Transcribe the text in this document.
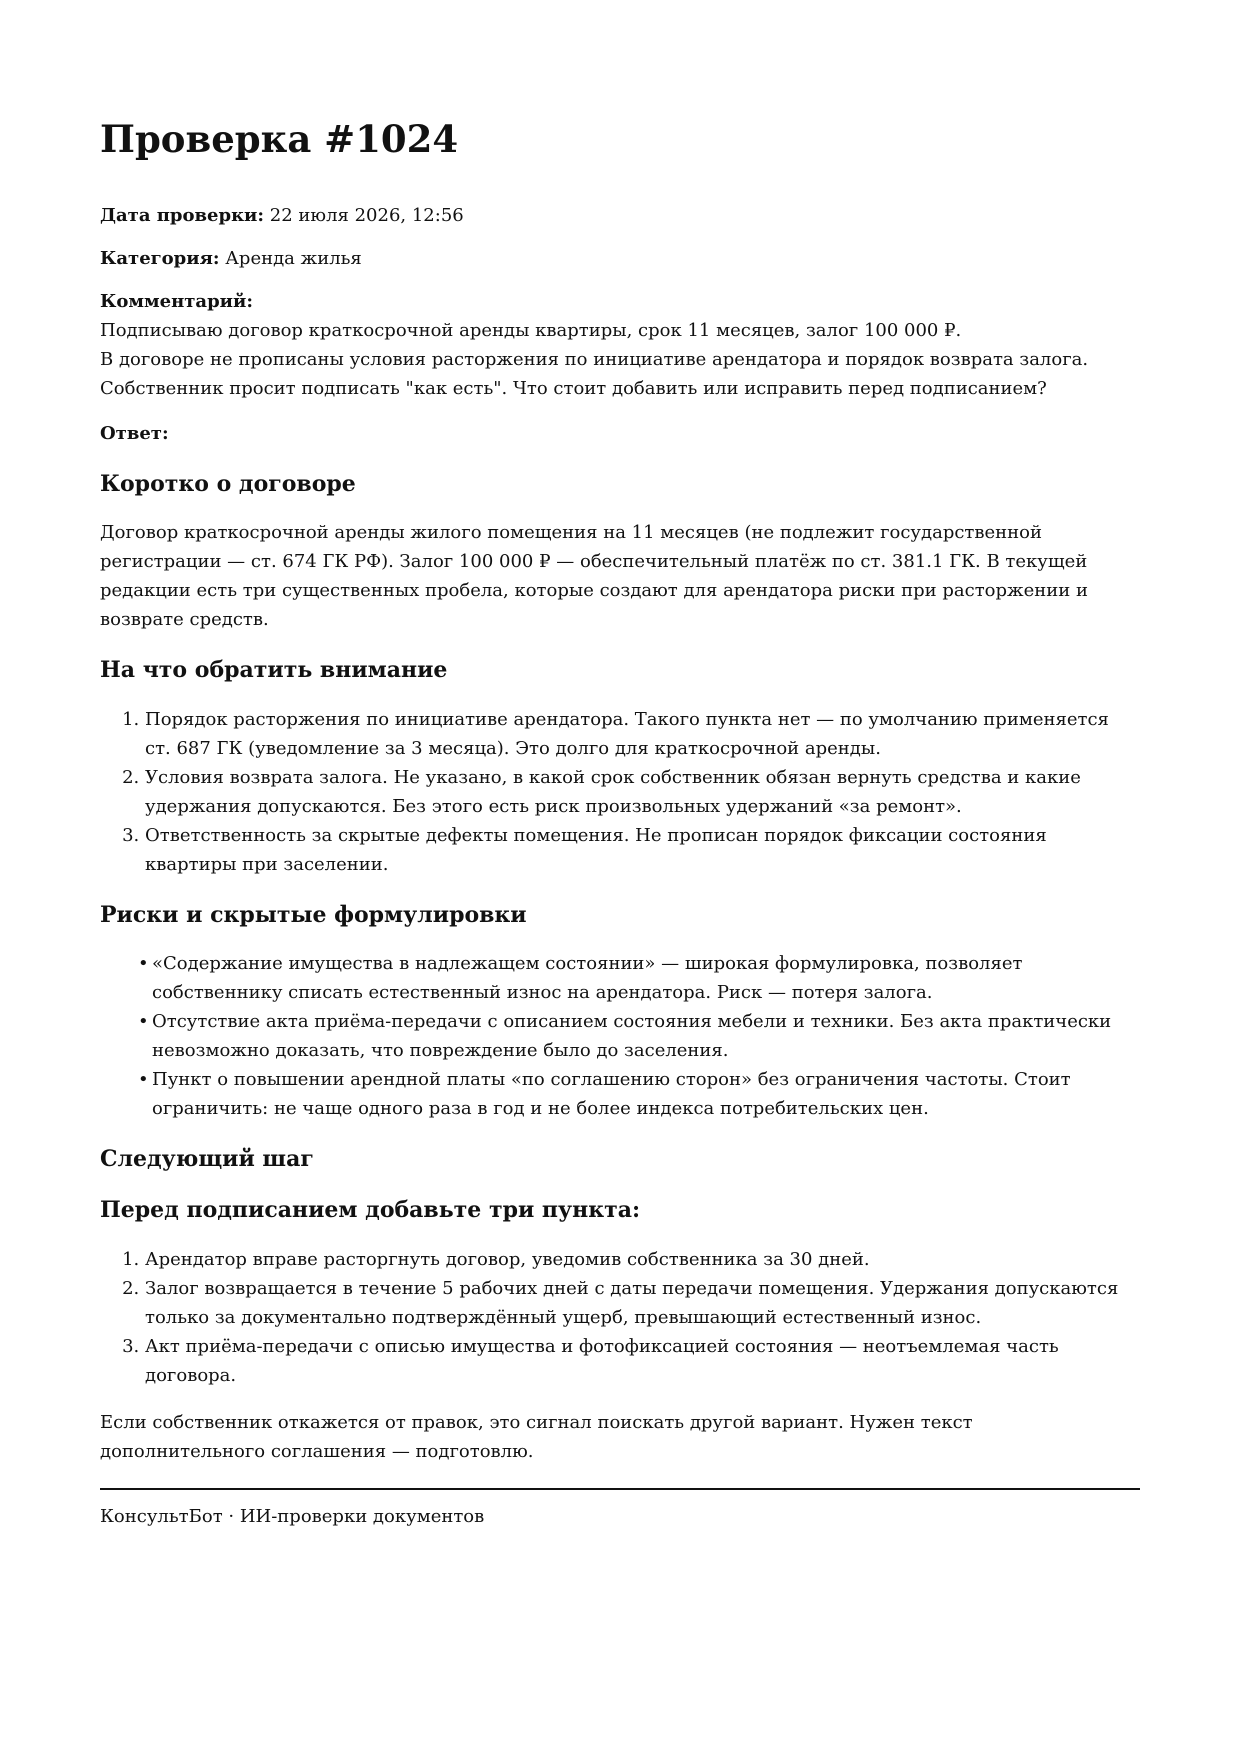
Проверка #1024
Дата проверки: 22 июля 2026, 12:56
Категория: Аренда жилья
Комментарий:
Подписываю договор краткосрочной аренды квартиры, срок 11 месяцев, залог 100 000 ₽.
В договоре не прописаны условия расторжения по инициативе арендатора и порядок возврата залога.
Собственник просит подписать "как есть". Что стоит добавить или исправить перед подписанием?
Ответ:
Коротко о договоре

Договор краткосрочной аренды жилого помещения на 11 месяцев (не подлежит государственной регистрации — ст. 674 ГК РФ). Залог 100 000 ₽ — обеспечительный платёж по ст. 381.1 ГК. В текущей редакции есть три существенных пробела, которые создают для арендатора риски при расторжении и возврате средств.

На что обратить внимание
1. Порядок расторжения по инициативе арендатора. Такого пункта нет — по умолчанию применяется ст. 687 ГК (уведомление за 3 месяца). Это долго для краткосрочной аренды.
2. Условия возврата залога. Не указано, в какой срок собственник обязан вернуть средства и какие удержания допускаются. Без этого есть риск произвольных удержаний «за ремонт».
3. Ответственность за скрытые дефекты помещения. Не прописан порядок фиксации состояния квартиры при заселении.
Риски и скрытые формулировки
• «Содержание имущества в надлежащем состоянии» — широкая формулировка, позволяет собственнику списать естественный износ на арендатора. Риск — потеря залога.
• Отсутствие акта приёма-передачи с описанием состояния мебели и техники. Без акта практически невозможно доказать, что повреждение было до заселения.
• Пункт о повышении арендной платы «по соглашению сторон» без ограничения частоты. Стоит ограничить: не чаще одного раза в год и не более индекса потребительских цен.
Следующий шаг
Перед подписанием добавьте три пункта:
1. Арендатор вправе расторгнуть договор, уведомив собственника за 30 дней.
2. Залог возвращается в течение 5 рабочих дней с даты передачи помещения. Удержания допускаются только за документально подтверждённый ущерб, превышающий естественный износ.
3. Акт приёма-передачи с описью имущества и фотофиксацией состояния — неотъемлемая часть договора.

Если собственник откажется от правок, это сигнал поискать другой вариант. Нужен текст дополнительного соглашения — подготовлю.

КонсультБот · ИИ-проверки документов
